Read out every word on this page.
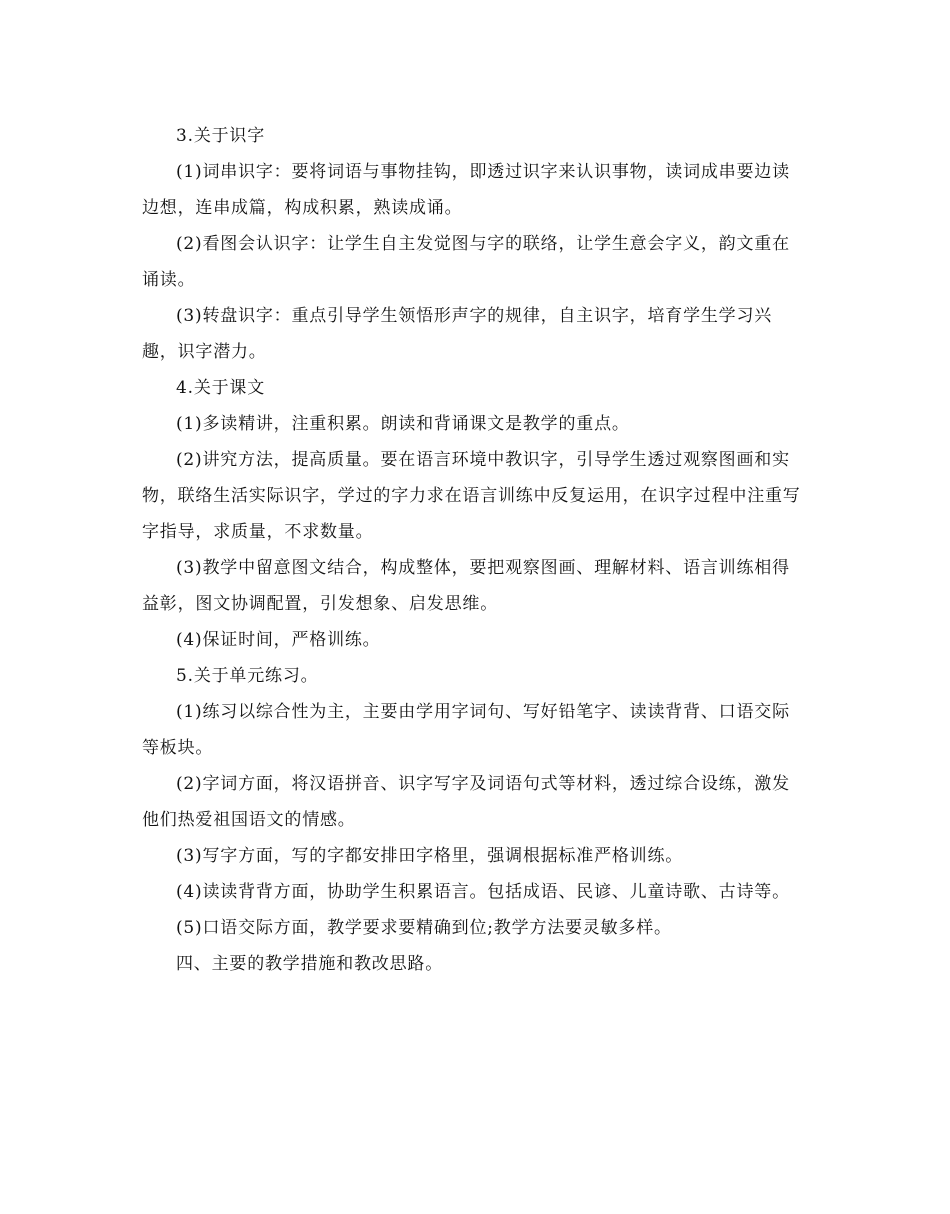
3.关于识字

(1)词串识字：要将词语与事物挂钩，即透过识字来认识事物，读词成串要边读边想，连串成篇，构成积累，熟读成诵。

(2)看图会认识字：让学生自主发觉图与字的联络，让学生意会字义，韵文重在诵读。

(3)转盘识字：重点引导学生领悟形声字的规律，自主识字，培育学生学习兴趣，识字潜力。

4.关于课文

(1)多读精讲，注重积累。朗读和背诵课文是教学的重点。

(2)讲究方法，提高质量。要在语言环境中教识字，引导学生透过观察图画和实物，联络生活实际识字，学过的字力求在语言训练中反复运用，在识字过程中注重写字指导，求质量，不求数量。

(3)教学中留意图文结合，构成整体，要把观察图画、理解材料、语言训练相得益彰，图文协调配置，引发想象、启发思维。

(4)保证时间，严格训练。

5.关于单元练习。

(1)练习以综合性为主，主要由学用字词句、写好铅笔字、读读背背、口语交际等板块。

(2)字词方面，将汉语拼音、识字写字及词语句式等材料，透过综合设练，激发他们热爱祖国语文的情感。

(3)写字方面，写的字都安排田字格里，强调根据标准严格训练。

(4)读读背背方面，协助学生积累语言。包括成语、民谚、儿童诗歌、古诗等。

(5)口语交际方面，教学要求要精确到位;教学方法要灵敏多样。

四、主要的教学措施和教改思路。
